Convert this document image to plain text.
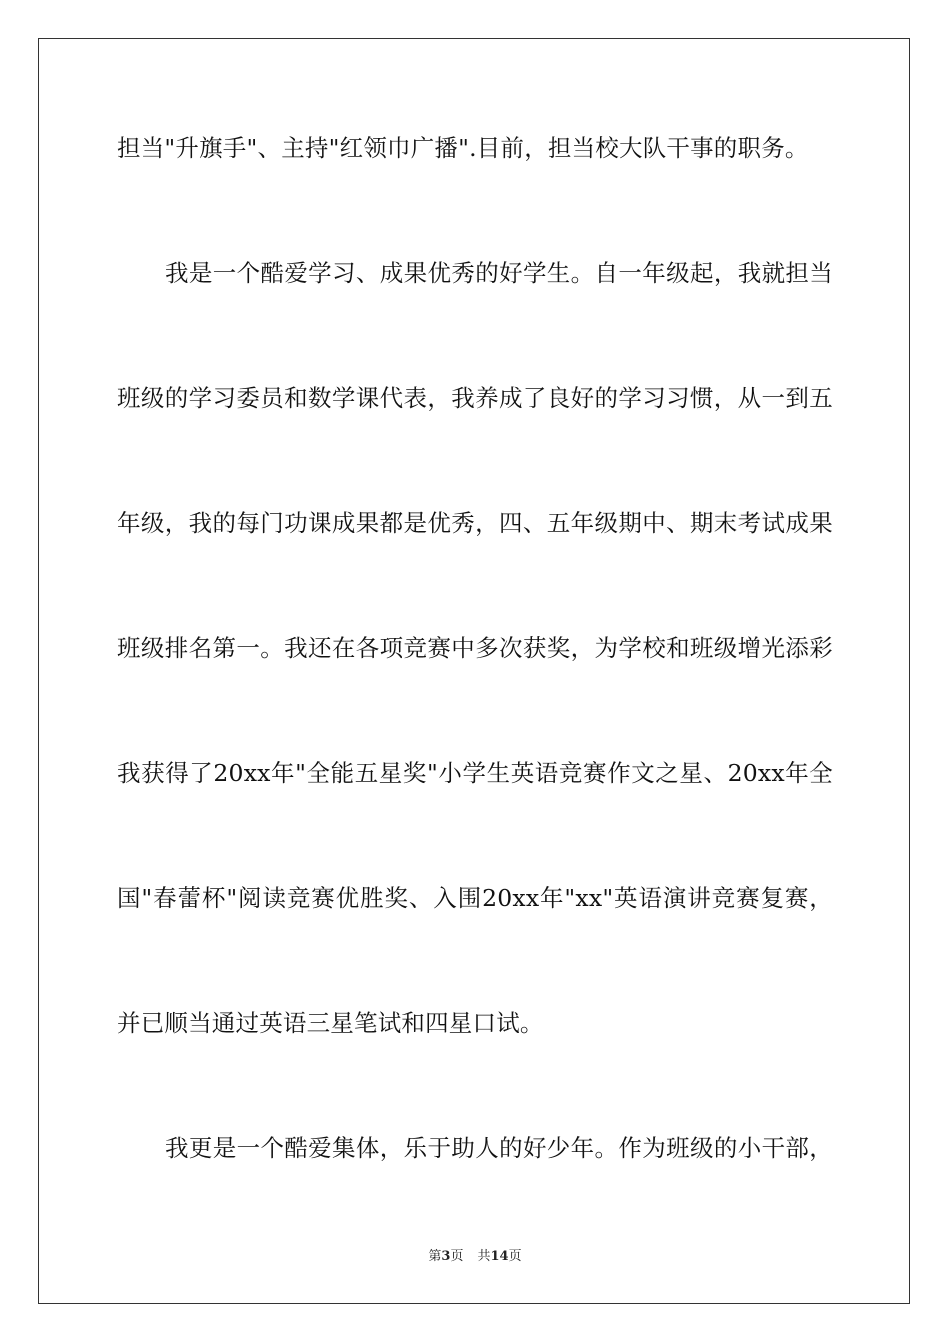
担当"升旗手"、主持"红领巾广播".目前，担当校大队干事的职务。
我是一个酷爱学习、成果优秀的好学生。自一年级起，我就担当
班级的学习委员和数学课代表，我养成了良好的学习习惯，从一到五
年级，我的每门功课成果都是优秀，四、五年级期中、期末考试成果
班级排名第一。我还在各项竞赛中多次获奖，为学校和班级增光添彩
我获得了20xx年"全能五星奖"小学生英语竞赛作文之星、20xx年全
国"春蕾杯"阅读竞赛优胜奖、入围20xx年"xx"英语演讲竞赛复赛，
并已顺当通过英语三星笔试和四星口试。
我更是一个酷爱集体，乐于助人的好少年。作为班级的小干部，
第3页 共14页
